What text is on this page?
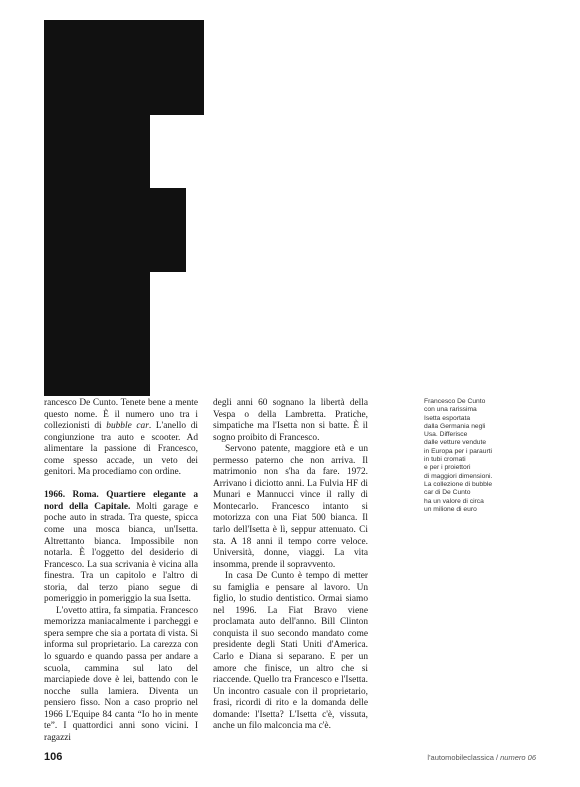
rancesco De Cunto. Tenete bene a mente questo nome. È il numero uno tra i collezionisti di bubble car. L'anello di congiunzione tra auto e scooter. Ad alimentare la passione di Francesco, come spesso accade, un veto dei genitori. Ma procediamo con ordine.

1966. Roma. Quartiere elegante a nord della Capitale. Molti garage e poche auto in strada. Tra queste, spicca come una mosca bianca, un'Isetta. Altrettanto bianca. Impossibile non notarla. È l'oggetto del desiderio di Francesco. La sua scrivania è vicina alla finestra. Tra un capitolo e l'altro di storia, dal terzo piano segue di pomeriggio in pomeriggio la sua Isetta.

L'ovetto attira, fa simpatia. Francesco memorizza maniacalmente i parcheggi e spera sempre che sia a portata di vista. Si informa sul proprietario. La carezza con lo sguardo e quando passa per andare a scuola, cammina sul lato del marciapiede dove è lei, battendo con le nocche sulla lamiera. Diventa un pensiero fisso. Non a caso proprio nel 1966 L'Equipe 84 canta “Io ho in mente te”. I quattordici anni sono vicini. I ragazzi

degli anni 60 sognano la libertà della Vespa o della Lambretta. Pratiche, simpatiche ma l'Isetta non si batte. È il sogno proibito di Francesco.

Servono patente, maggiore età e un permesso paterno che non arriva. Il matrimonio non s'ha da fare. 1972. Arrivano i diciotto anni. La Fulvia HF di Munari e Mannucci vince il rally di Montecarlo. Francesco intanto si motorizza con una Fiat 500 bianca. Il tarlo dell'Isetta è lì, seppur attenuato. Ci sta. A 18 anni il tempo corre veloce. Università, donne, viaggi. La vita insomma, prende il sopravvento.

In casa De Cunto è tempo di metter su famiglia e pensare al lavoro. Un figlio, lo studio dentistico. Ormai siamo nel 1996. La Fiat Bravo viene proclamata auto dell'anno. Bill Clinton conquista il suo secondo mandato come presidente degli Stati Uniti d'America. Carlo e Diana si separano. E per un amore che finisce, un altro che si riaccende. Quello tra Francesco e l'Isetta. Un incontro casuale con il proprietario, frasi, ricordi di rito e la domanda delle domande: l'Isetta? L'Isetta c'è, vissuta, anche un filo malconcia ma c'è.

Francesco De Cunto
con una rarissima
Isetta esportata
dalla Germania negli
Usa. Differisce
dalle vetture vendute
in Europa per i paraurti
in tubi cromati
e per i proiettori
di maggiori dimensioni.
La collezione di bubble
car di De Cunto
ha un valore di circa
un milione di euro
106	l'automobileclassica / numero 06
